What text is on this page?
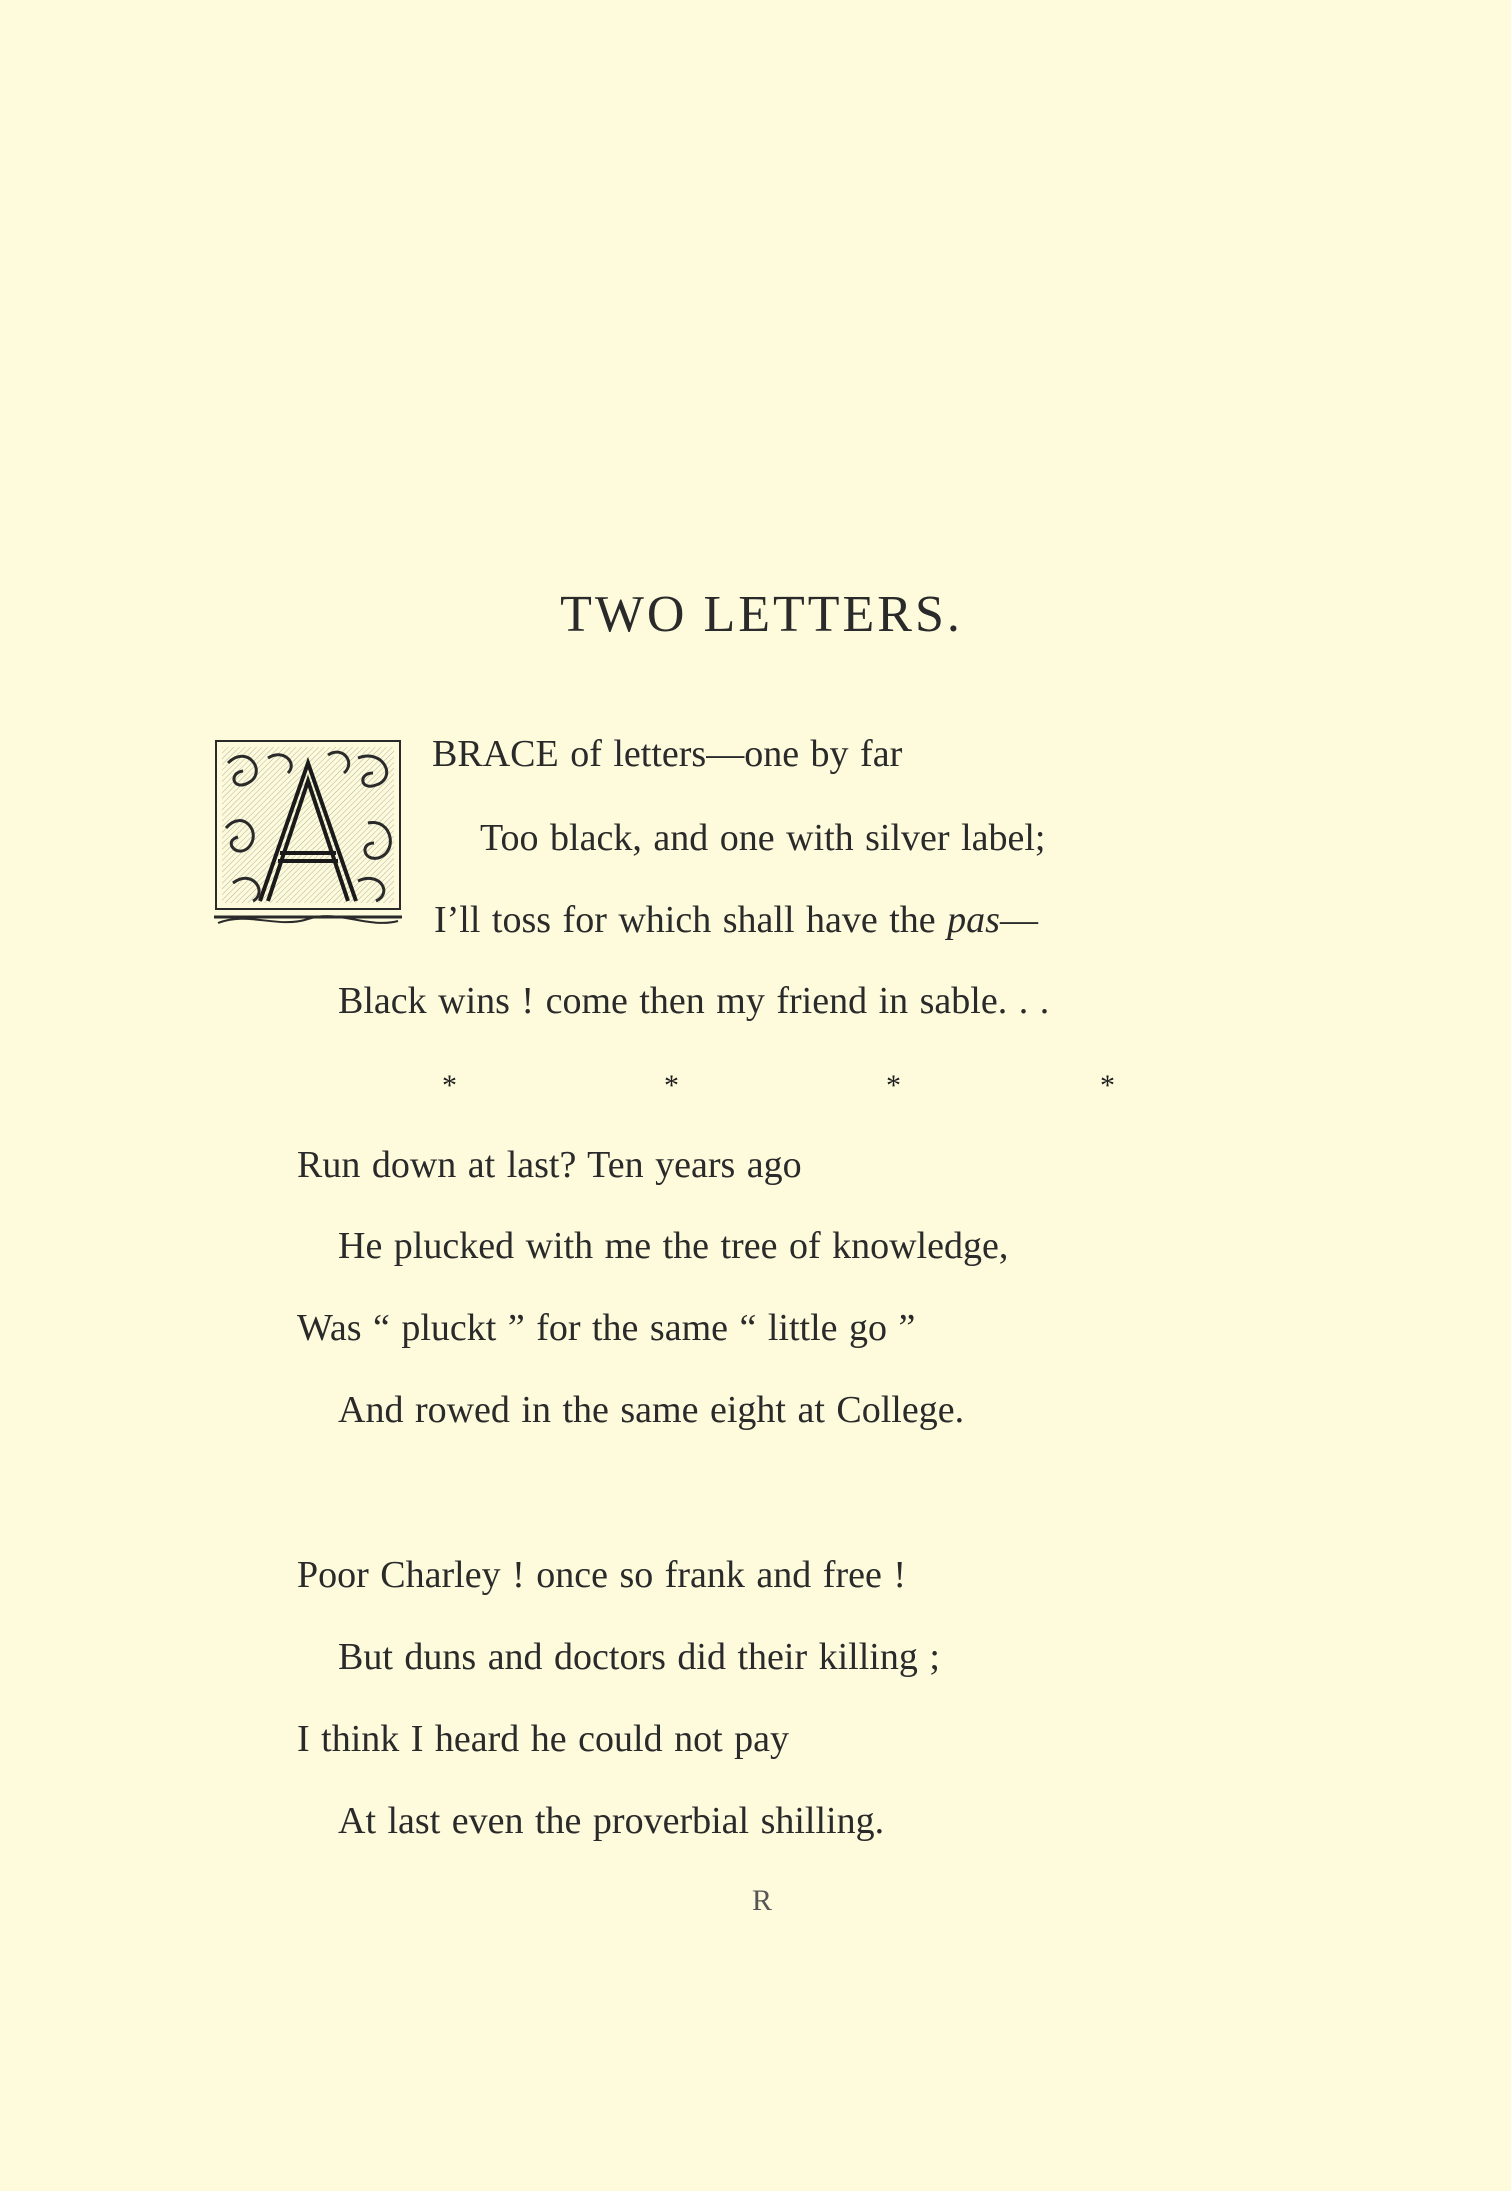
TWO LETTERS.
BRACE of letters—one by far
Too black, and one with silver label;
I’ll toss for which shall have the pas—
Black wins ! come then my friend in sable. . .
*	*	*	*
Run down at last? Ten years ago
He plucked with me the tree of knowledge,
Was “ pluckt ” for the same “ little go ”
And rowed in the same eight at College.
Poor Charley ! once so frank and free !
But duns and doctors did their killing ;
I think I heard he could not pay
At last even the proverbial shilling.
R
